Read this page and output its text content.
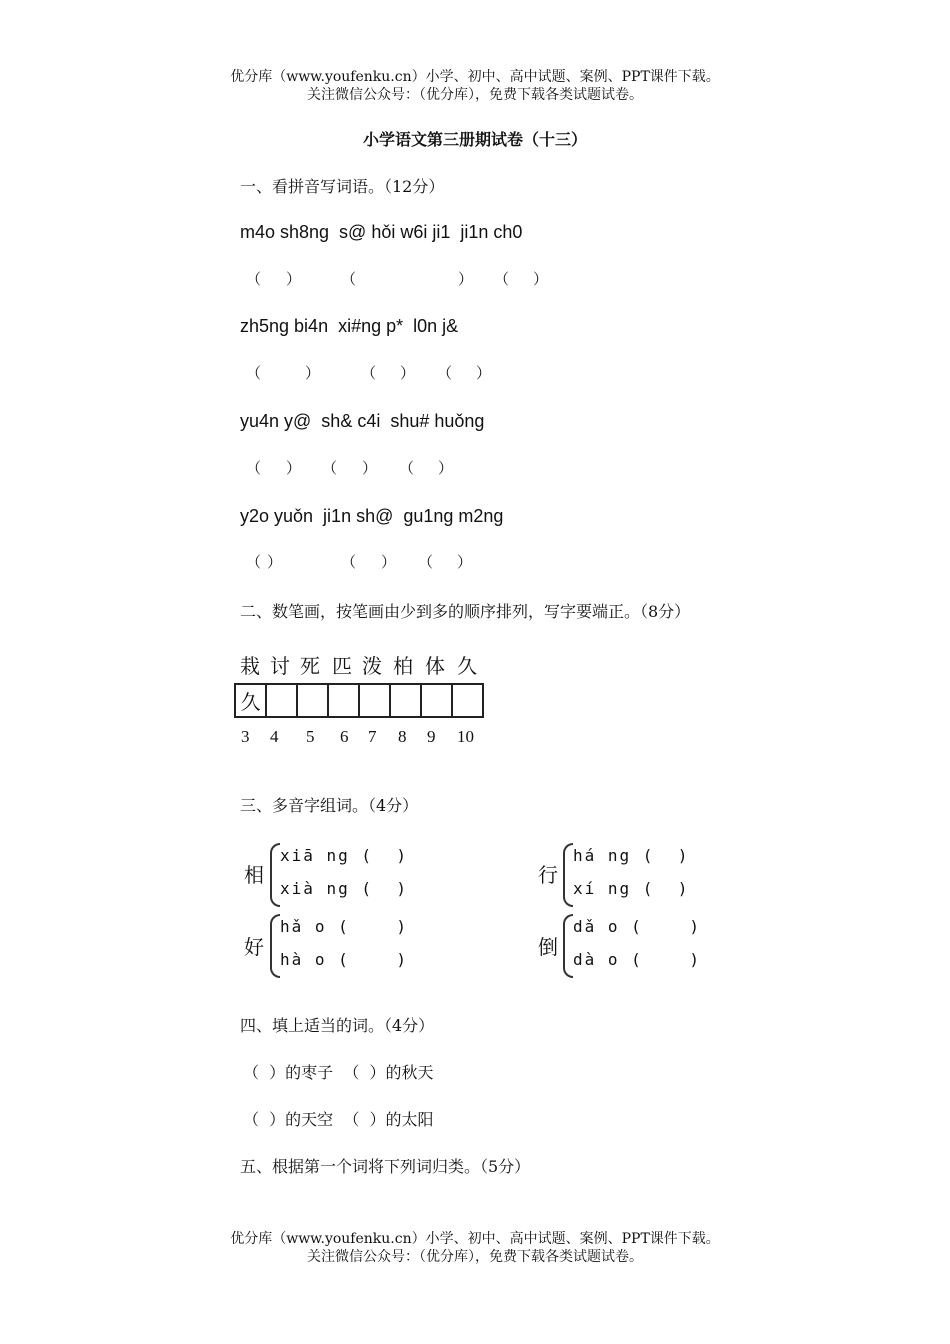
优分库（www.youfenku.cn）小学、初中、高中试题、案例、PPT课件下载。
关注微信公众号：（优分库），免费下载各类试题试卷。
小学语文第三册期试卷（十三）
一、看拼音写词语。（12分）
m4o sh8ng  s@ hǒi w6i ji1  ji1n ch0
（ ）	（	） （ ）
zh5ng bi4n  xi#ng p*  l0n j&
（	）	（ ） （ ）
yu4n y@  sh& c4i  shu# huǒng
（ ） （ ） （ ）
y2o yuǒn  ji1n sh@  gu1ng m2ng
（ ）	（ ） （ ）
二、数笔画，按笔画由少到多的顺序排列，写字要端正。（8分）
栽 讨 死 匹 泼 柏 体 久
久							
3 4 5 6 7 8 9 10
三、多音字组词。（4分）
相
xiā ng (  )
xià ng (  )
行
há ng (  )
xí ng (  )
好
hǎ o (    )
hà o (    )
倒
dǎ o (    )
dà o (    )
四、填上适当的词。（4分）
（  ）的枣子  （  ）的秋天
（  ）的天空  （  ）的太阳
五、根据第一个词将下列词归类。（5分）
优分库（www.youfenku.cn）小学、初中、高中试题、案例、PPT课件下载。
关注微信公众号：（优分库），免费下载各类试题试卷。
